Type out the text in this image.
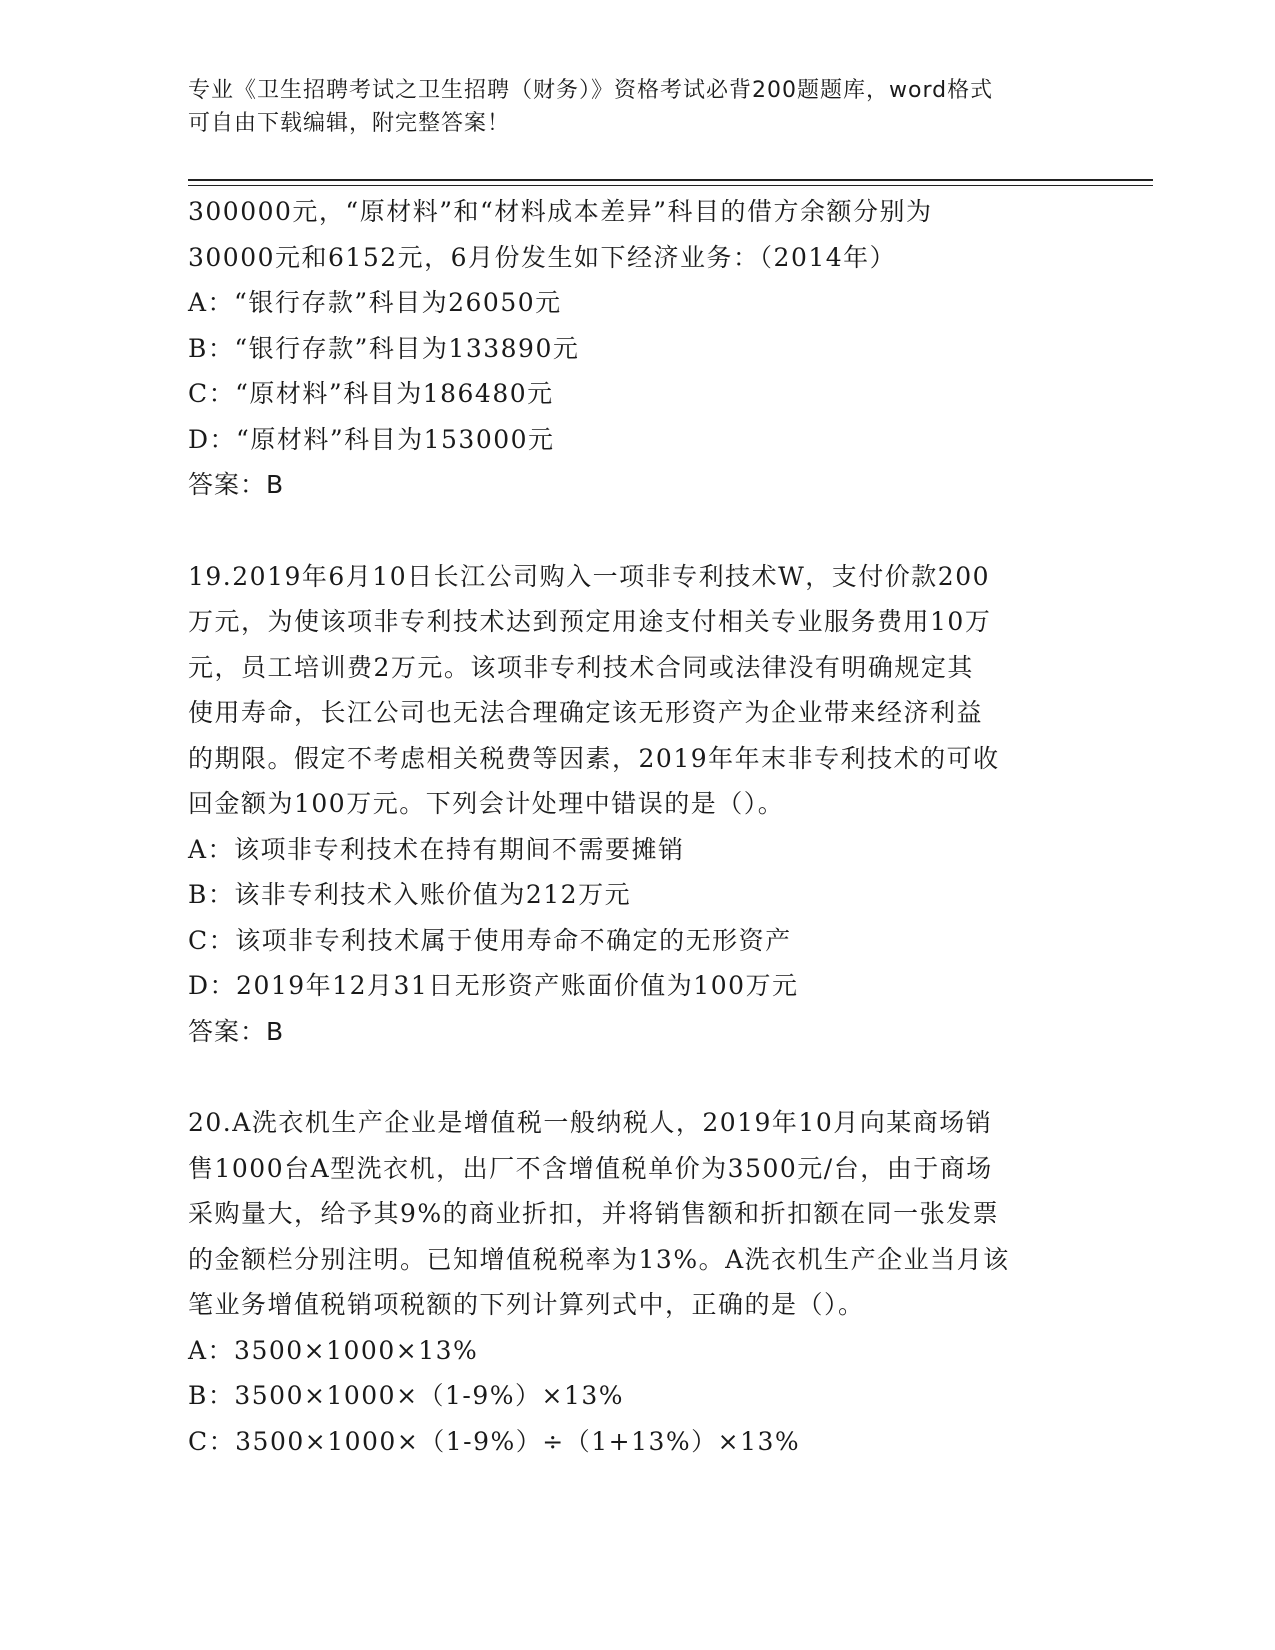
专业《卫生招聘考试之卫生招聘（财务）》资格考试必背200题题库，word格式
可自由下载编辑，附完整答案！
300000元，“原材料”和“材料成本差异”科目的借方余额分别为
30000元和6152元，6月份发生如下经济业务：（2014年）
A：“银行存款”科目为26050元
B：“银行存款”科目为133890元
C：“原材料”科目为186480元
D：“原材料”科目为153000元
答案：B
19.2019年6月10日长江公司购入一项非专利技术W，支付价款200
万元，为使该项非专利技术达到预定用途支付相关专业服务费用10万
元，员工培训费2万元。该项非专利技术合同或法律没有明确规定其
使用寿命，长江公司也无法合理确定该无形资产为企业带来经济利益
的期限。假定不考虑相关税费等因素，2019年年末非专利技术的可收
回金额为100万元。下列会计处理中错误的是（）。
A：该项非专利技术在持有期间不需要摊销
B：该非专利技术入账价值为212万元
C：该项非专利技术属于使用寿命不确定的无形资产
D：2019年12月31日无形资产账面价值为100万元
答案：B
20.A洗衣机生产企业是增值税一般纳税人，2019年10月向某商场销
售1000台A型洗衣机，出厂不含增值税单价为3500元/台，由于商场
采购量大，给予其9%的商业折扣，并将销售额和折扣额在同一张发票
的金额栏分别注明。已知增值税税率为13%。A洗衣机生产企业当月该
笔业务增值税销项税额的下列计算列式中，正确的是（）。
A：3500×1000×13%
B：3500×1000×（1-9%）×13%
C：3500×1000×（1-9%）÷（1+13%）×13%
